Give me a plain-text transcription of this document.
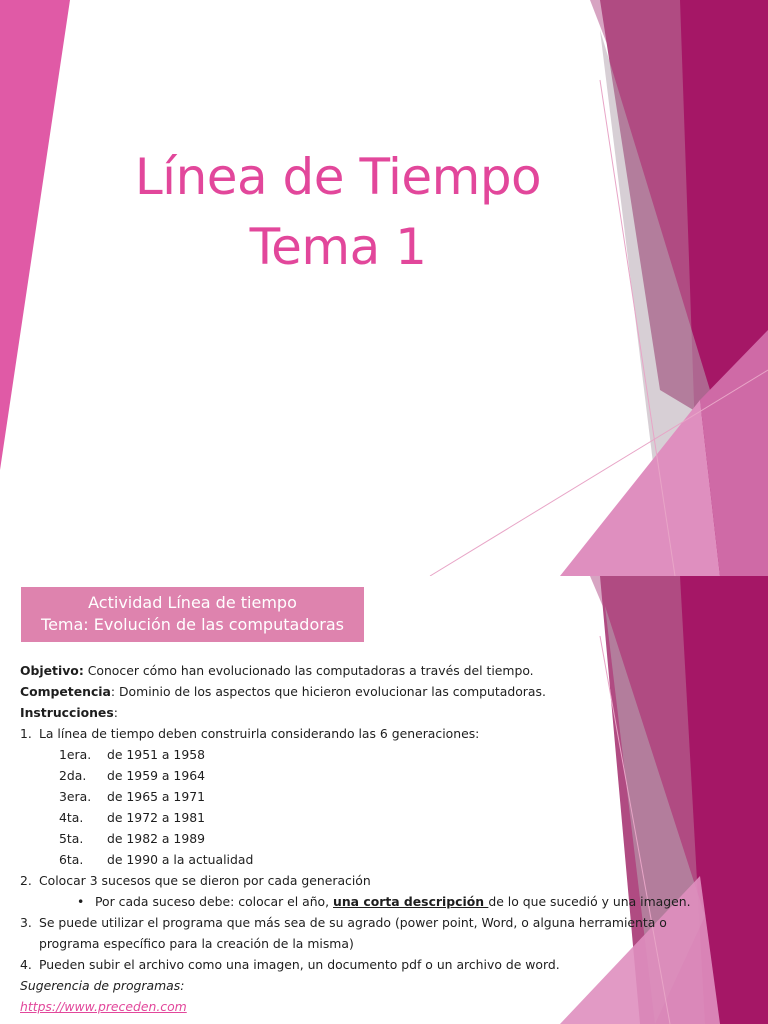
Línea de Tiempo
Tema 1
Actividad Línea de tiempo
Tema: Evolución de las computadoras
Objetivo: Conocer cómo han evolucionado las computadoras a través del tiempo.
Competencia: Dominio de los aspectos que hicieron evolucionar las computadoras.
Instrucciones:
1. La línea de tiempo deben construirla considerando las 6 generaciones:
1era. de 1951 a 1958
2da. de 1959 a 1964
3era. de 1965 a 1971
4ta. de 1972 a 1981
5ta. de 1982 a 1989
6ta. de 1990 a la actualidad
2. Colocar 3 sucesos que se dieron por cada generación
• Por cada suceso debe: colocar el año, una corta descripción de lo que sucedió y una imagen.
3. Se puede utilizar el programa que más sea de su agrado (power point, Word, o alguna herramienta o
programa específico para la creación de la misma)
4. Pueden subir el archivo como una imagen, un documento pdf o un archivo de word.
Sugerencia de programas:
https://www.preceden.com
